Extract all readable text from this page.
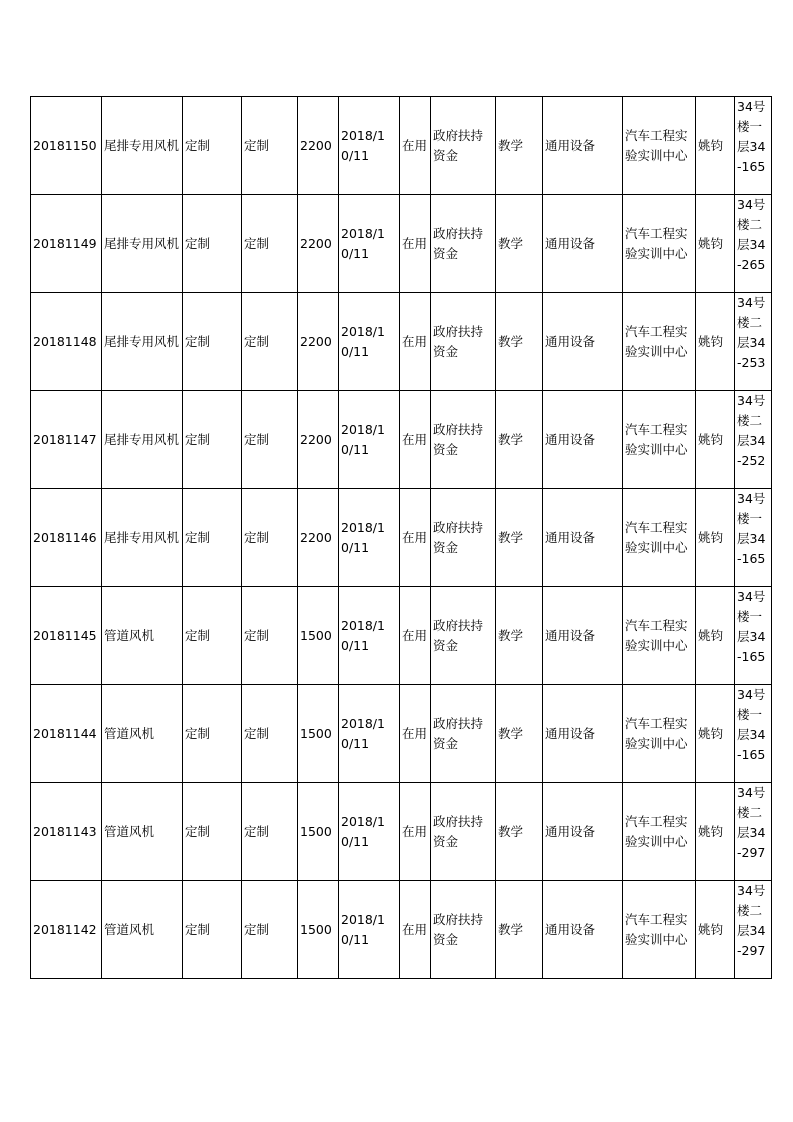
20181150	尾排专用风机	定制	定制	2200	2018/10/11	在用	政府扶持资金	教学	通用设备	汽车工程实验实训中心	姚钧	34号楼一层34-165
20181149	尾排专用风机	定制	定制	2200	2018/10/11	在用	政府扶持资金	教学	通用设备	汽车工程实验实训中心	姚钧	34号楼二层34-265
20181148	尾排专用风机	定制	定制	2200	2018/10/11	在用	政府扶持资金	教学	通用设备	汽车工程实验实训中心	姚钧	34号楼二层34-253
20181147	尾排专用风机	定制	定制	2200	2018/10/11	在用	政府扶持资金	教学	通用设备	汽车工程实验实训中心	姚钧	34号楼二层34-252
20181146	尾排专用风机	定制	定制	2200	2018/10/11	在用	政府扶持资金	教学	通用设备	汽车工程实验实训中心	姚钧	34号楼一层34-165
20181145	管道风机	定制	定制	1500	2018/10/11	在用	政府扶持资金	教学	通用设备	汽车工程实验实训中心	姚钧	34号楼一层34-165
20181144	管道风机	定制	定制	1500	2018/10/11	在用	政府扶持资金	教学	通用设备	汽车工程实验实训中心	姚钧	34号楼一层34-165
20181143	管道风机	定制	定制	1500	2018/10/11	在用	政府扶持资金	教学	通用设备	汽车工程实验实训中心	姚钧	34号楼二层34-297
20181142	管道风机	定制	定制	1500	2018/10/11	在用	政府扶持资金	教学	通用设备	汽车工程实验实训中心	姚钧	34号楼二层34-297
